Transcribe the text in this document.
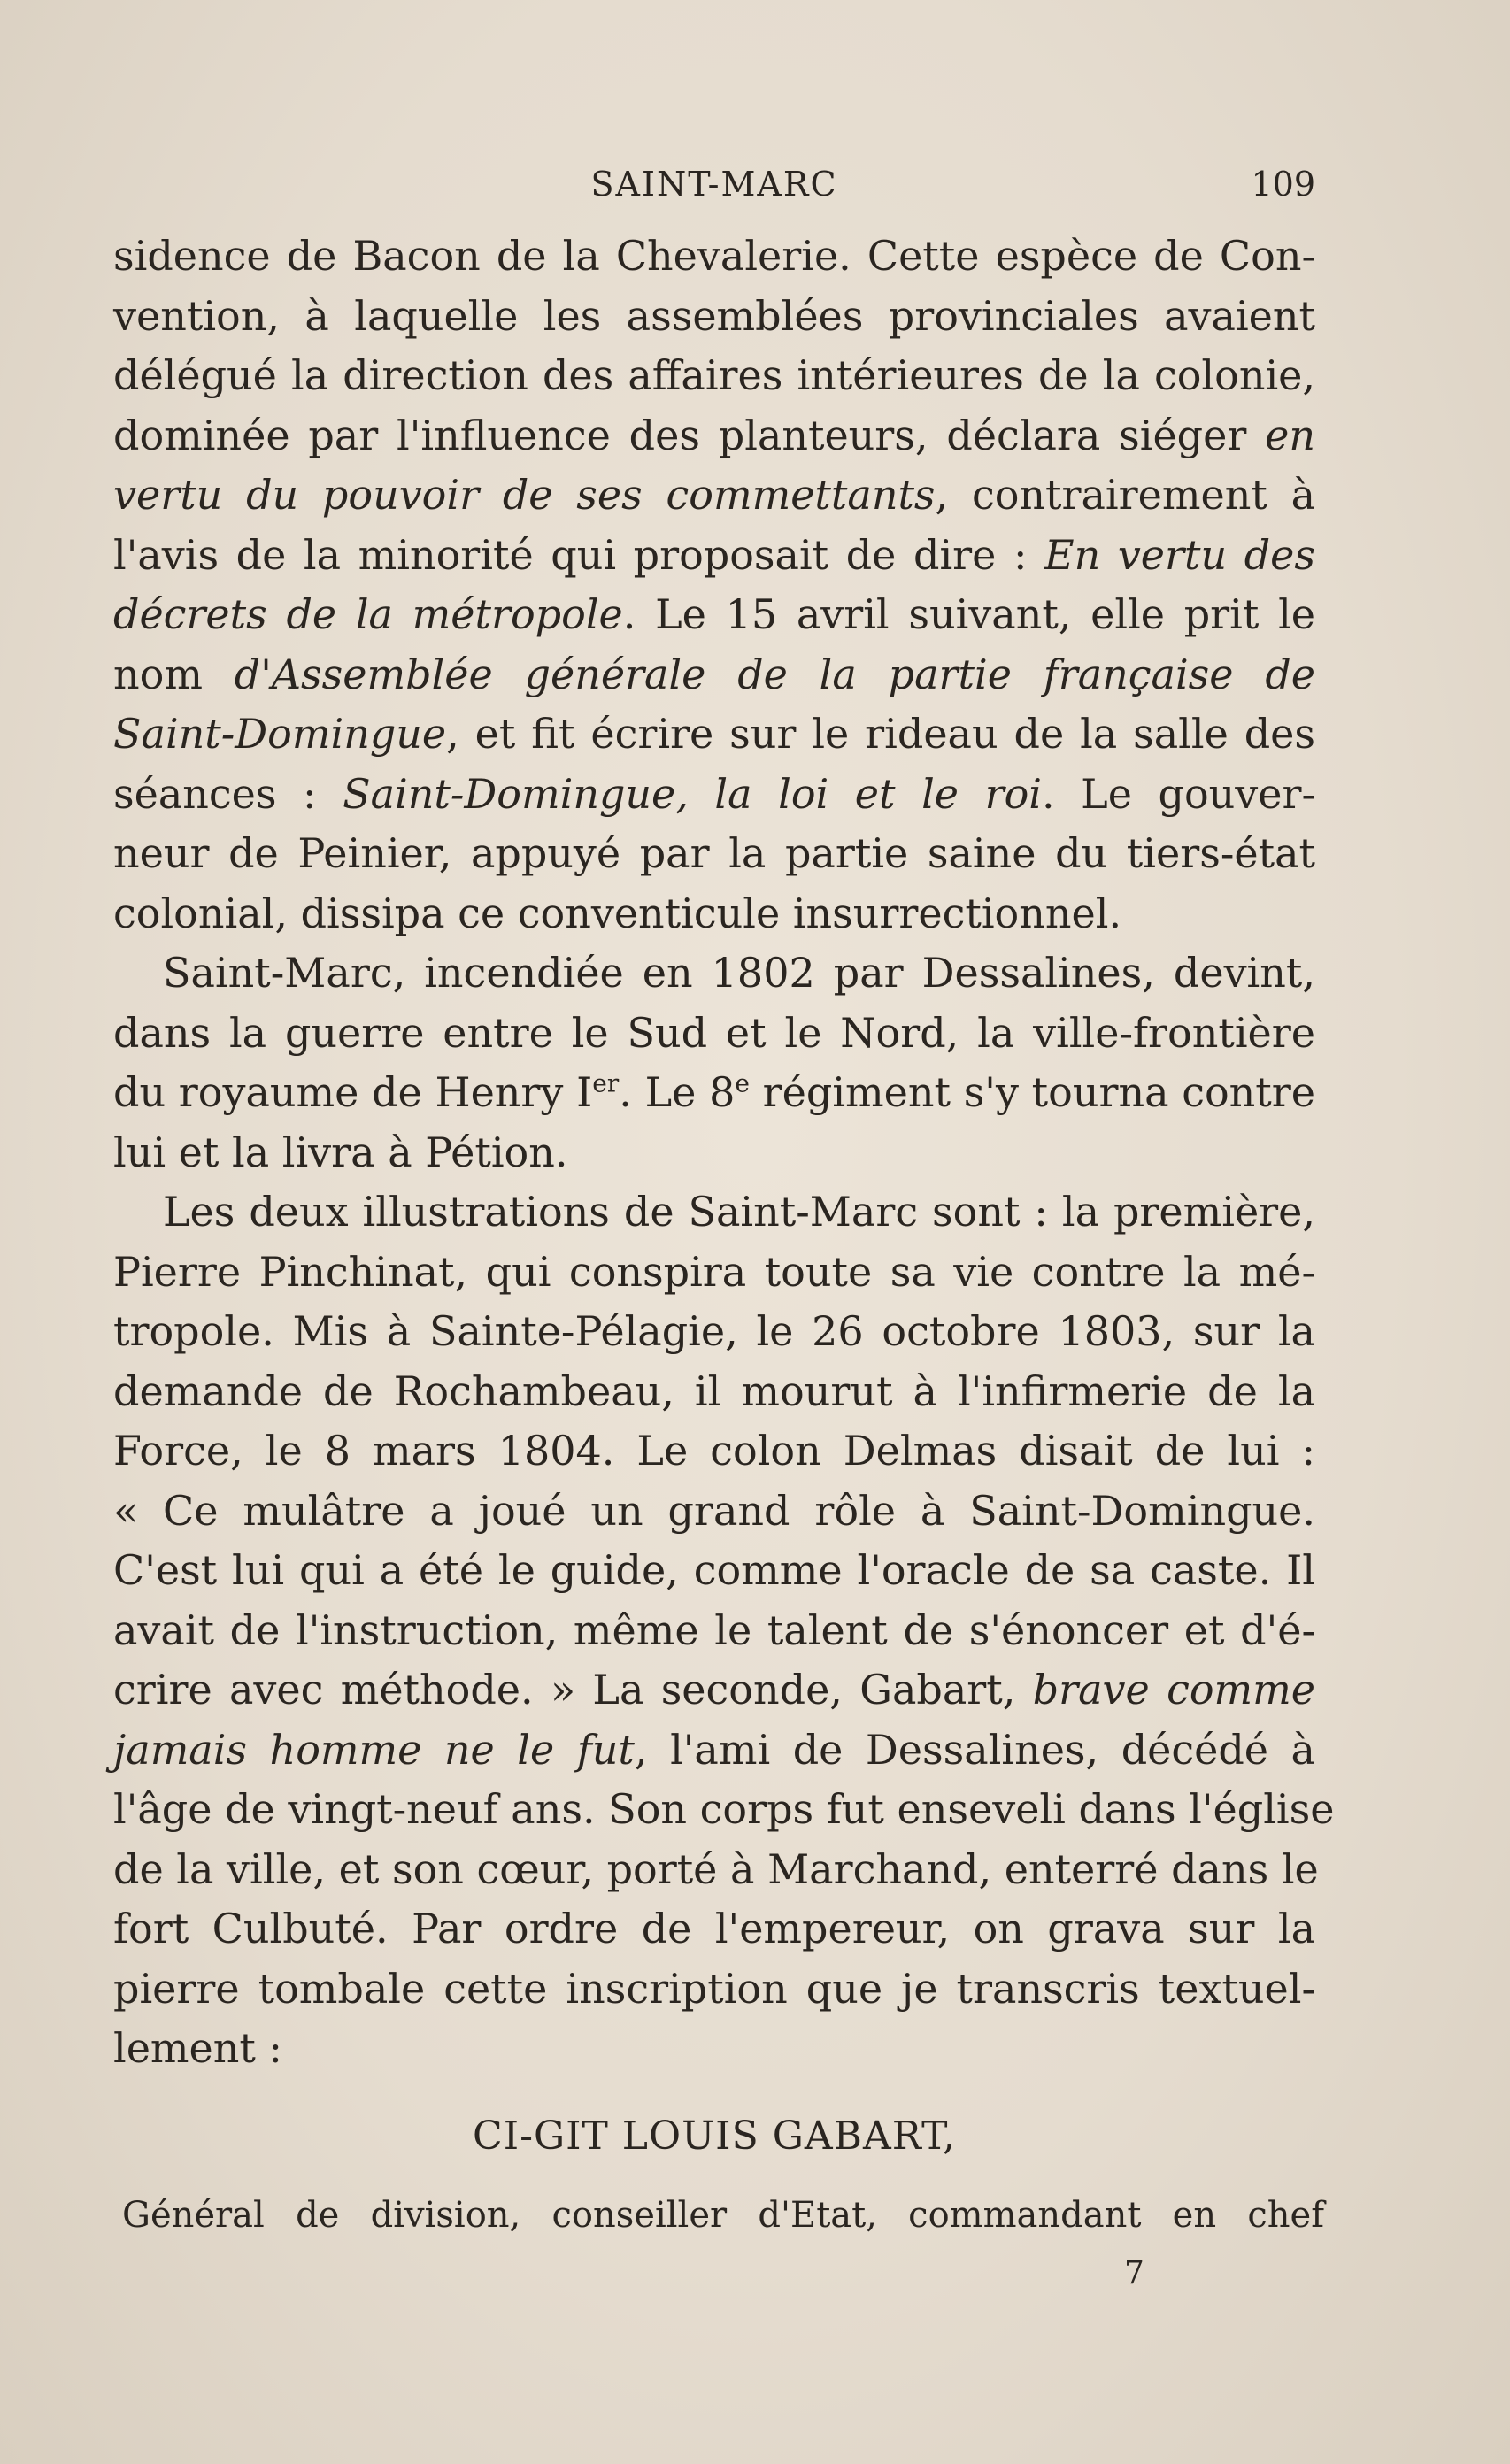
SAINT-MARC	109
sidence de Bacon de la Chevalerie. Cette espèce de Con-
vention, à laquelle les assemblées provinciales avaient
délégué la direction des affaires intérieures de la colonie,
dominée par l'influence des planteurs, déclara siéger en
vertu du pouvoir de ses commettants, contrairement à
l'avis de la minorité qui proposait de dire : En vertu des
décrets de la métropole. Le 15 avril suivant, elle prit le
nom d'Assemblée générale de la partie française de
Saint-Domingue, et fit écrire sur le rideau de la salle des
séances : Saint-Domingue, la loi et le roi. Le gouver-
neur de Peinier, appuyé par la partie saine du tiers-état
colonial, dissipa ce conventicule insurrectionnel.
Saint-Marc, incendiée en 1802 par Dessalines, devint,
dans la guerre entre le Sud et le Nord, la ville-frontière
du royaume de Henry Ier. Le 8e régiment s'y tourna contre
lui et la livra à Pétion.
Les deux illustrations de Saint-Marc sont : la première,
Pierre Pinchinat, qui conspira toute sa vie contre la mé-
tropole. Mis à Sainte-Pélagie, le 26 octobre 1803, sur la
demande de Rochambeau, il mourut à l'infirmerie de la
Force, le 8 mars 1804. Le colon Delmas disait de lui :
« Ce mulâtre a joué un grand rôle à Saint-Domingue.
C'est lui qui a été le guide, comme l'oracle de sa caste. Il
avait de l'instruction, même le talent de s'énoncer et d'é-
crire avec méthode. » La seconde, Gabart, brave comme
jamais homme ne le fut, l'ami de Dessalines, décédé à
l'âge de vingt-neuf ans. Son corps fut enseveli dans l'église
de la ville, et son cœur, porté à Marchand, enterré dans le
fort Culbuté. Par ordre de l'empereur, on grava sur la
pierre tombale cette inscription que je transcris textuel-
lement :
CI-GIT LOUIS GABART,
Général de division, conseiller d'Etat, commandant en chef
7
